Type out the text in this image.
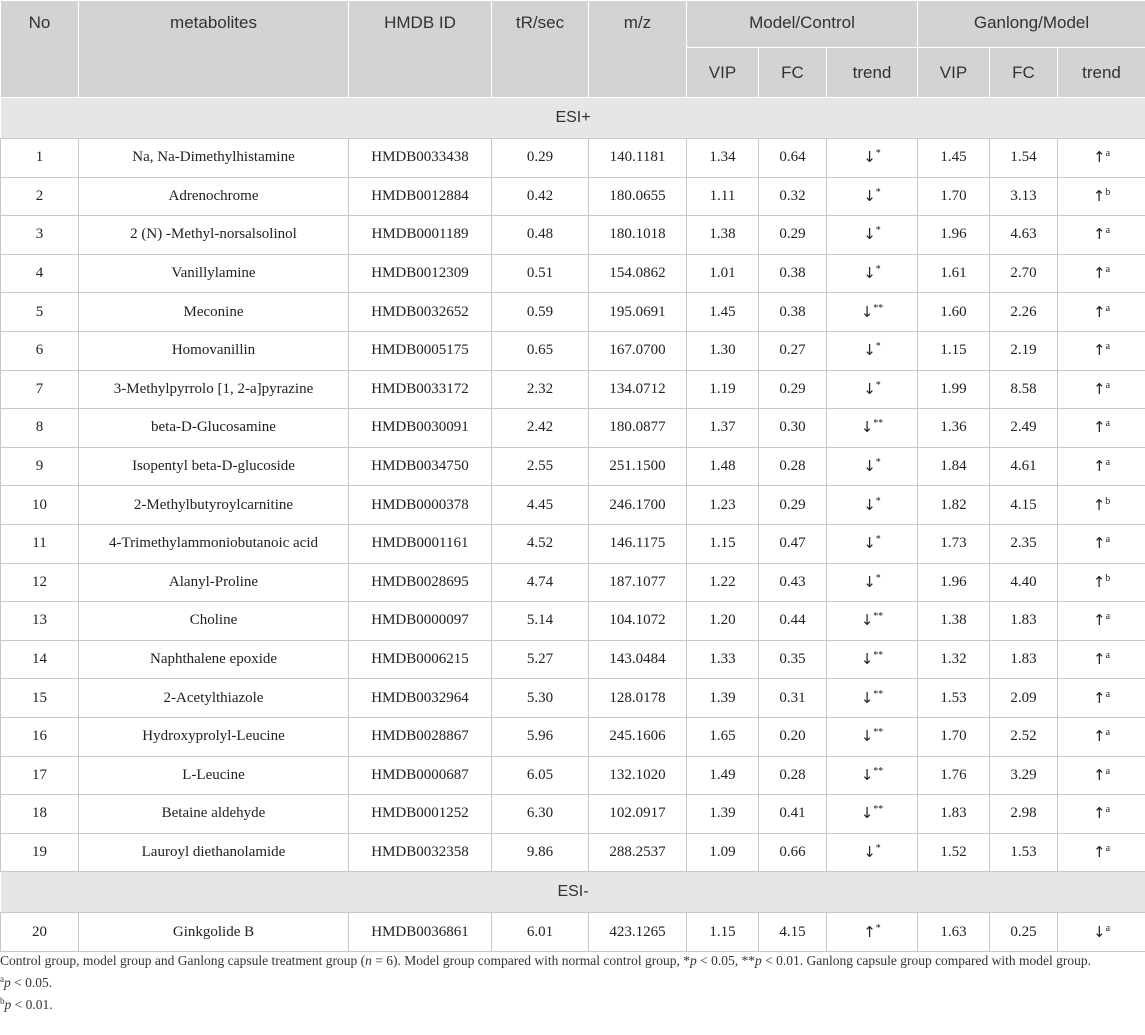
No	metabolites	HMDB ID	tR/sec	m/z	Model/Control			Ganlong/Model		
					VIP	FC	trend	VIP	FC	trend
ESI+										
1	Na, Na-Dimethylhistamine	HMDB0033438	0.29	140.1181	1.34	0.64	↓*	1.45	1.54	↑$^a$
2	Adrenochrome	HMDB0012884	0.42	180.0655	1.11	0.32	↓*	1.70	3.13	↑$^b$
3	2 (N) -Methyl-norsalsolinol	HMDB0001189	0.48	180.1018	1.38	0.29	↓*	1.96	4.63	↑$^a$
4	Vanillylamine	HMDB0012309	0.51	154.0862	1.01	0.38	↓*	1.61	2.70	↑$^a$
5	Meconine	HMDB0032652	0.59	195.0691	1.45	0.38	↓**	1.60	2.26	↑$^a$
6	Homovanillin	HMDB0005175	0.65	167.0700	1.30	0.27	↓*	1.15	2.19	↑$^a$
7	3-Methylpyrrolo [1, 2-a]pyrazine	HMDB0033172	2.32	134.0712	1.19	0.29	↓*	1.99	8.58	↑$^a$
8	beta-D-Glucosamine	HMDB0030091	2.42	180.0877	1.37	0.30	↓**	1.36	2.49	↑$^a$
9	Isopentyl beta-D-glucoside	HMDB0034750	2.55	251.1500	1.48	0.28	↓*	1.84	4.61	↑$^a$
10	2-Methylbutyroylcarnitine	HMDB0000378	4.45	246.1700	1.23	0.29	↓*	1.82	4.15	↑$^b$
11	4-Trimethylammoniobutanoic acid	HMDB0001161	4.52	146.1175	1.15	0.47	↓*	1.73	2.35	↑$^a$
12	Alanyl-Proline	HMDB0028695	4.74	187.1077	1.22	0.43	↓*	1.96	4.40	↑$^b$
13	Choline	HMDB0000097	5.14	104.1072	1.20	0.44	↓**	1.38	1.83	↑$^a$
14	Naphthalene epoxide	HMDB0006215	5.27	143.0484	1.33	0.35	↓**	1.32	1.83	↑$^a$
15	2-Acetylthiazole	HMDB0032964	5.30	128.0178	1.39	0.31	↓**	1.53	2.09	↑$^a$
16	Hydroxyprolyl-Leucine	HMDB0028867	5.96	245.1606	1.65	0.20	↓**	1.70	2.52	↑$^a$
17	L-Leucine	HMDB0000687	6.05	132.1020	1.49	0.28	↓**	1.76	3.29	↑$^a$
18	Betaine aldehyde	HMDB0001252	6.30	102.0917	1.39	0.41	↓**	1.83	2.98	↑$^a$
19	Lauroyl diethanolamide	HMDB0032358	9.86	288.2537	1.09	0.66	↓*	1.52	1.53	↑$^a$
ESI-										
20	Ginkgolide B	HMDB0036861	6.01	423.1265	1.15	4.15	↑*	1.63	0.25	↓$^a$

Control group, model group and Ganlong capsule treatment group (n = 6). Model group compared with normal control group, *p < 0.05, **p < 0.01. Ganlong capsule group compared with model group.

$^a$p < 0.05.

$^b$p < 0.01.
